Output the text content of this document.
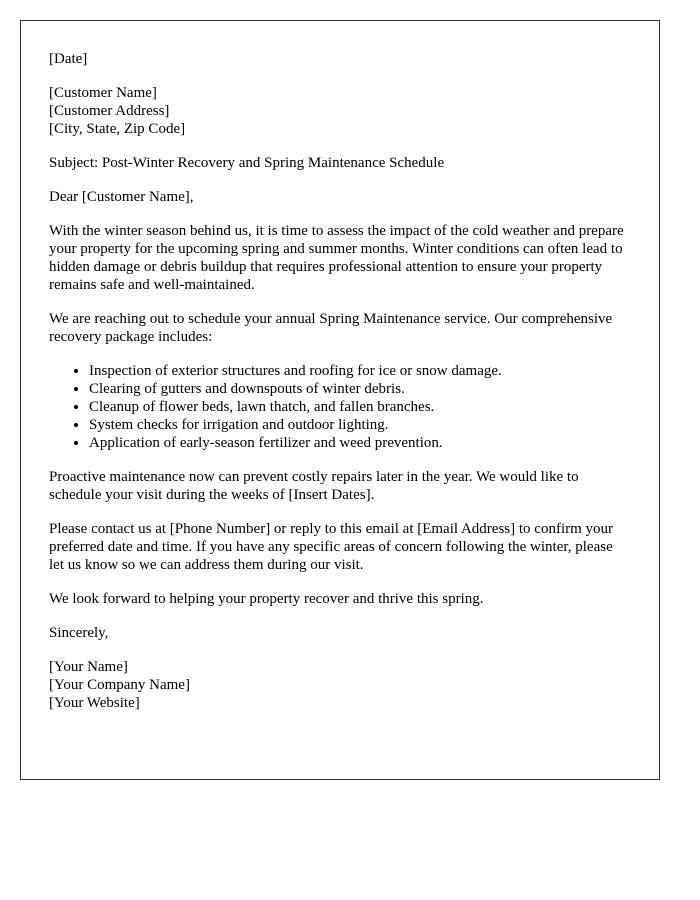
[Date]

[Customer Name]
[Customer Address]
[City, State, Zip Code]

Subject: Post-Winter Recovery and Spring Maintenance Schedule

Dear [Customer Name],

With the winter season behind us, it is time to assess the impact of the cold weather and prepare your property for the upcoming spring and summer months. Winter conditions can often lead to hidden damage or debris buildup that requires professional attention to ensure your property remains safe and well-maintained.

We are reaching out to schedule your annual Spring Maintenance service. Our comprehensive recovery package includes:

• Inspection of exterior structures and roofing for ice or snow damage.
• Clearing of gutters and downspouts of winter debris.
• Cleanup of flower beds, lawn thatch, and fallen branches.
• System checks for irrigation and outdoor lighting.
• Application of early-season fertilizer and weed prevention.

Proactive maintenance now can prevent costly repairs later in the year. We would like to schedule your visit during the weeks of [Insert Dates].

Please contact us at [Phone Number] or reply to this email at [Email Address] to confirm your preferred date and time. If you have any specific areas of concern following the winter, please let us know so we can address them during our visit.

We look forward to helping your property recover and thrive this spring.

Sincerely,

[Your Name]
[Your Company Name]
[Your Website]
